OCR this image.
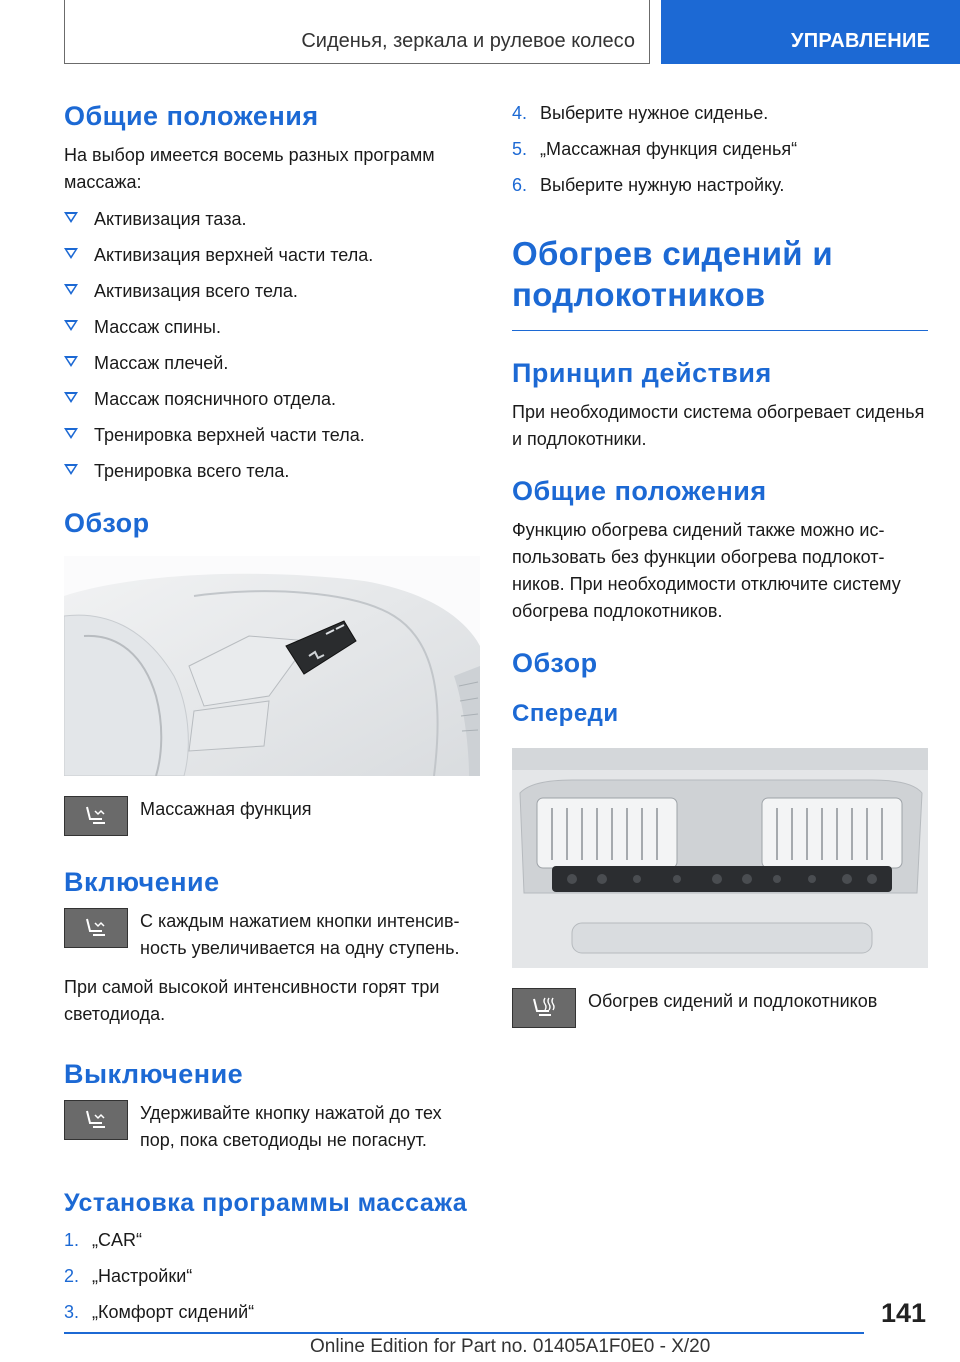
Сиденья, зеркала и рулевое колесо	УПРАВЛЕНИЕ
Общие положения

На выбор имеется восемь разных программ массажа:

Активизация таза.
Активизация верхней части тела.
Активизация всего тела.
Массаж спины.
Массаж плечей.
Массаж поясничного отдела.
Тренировка верхней части тела.
Тренировка всего тела.
Обзор
Массажная функция
Включение
С каждым нажатием кнопки интенсивность увеличивается на одну ступень.

При самой высокой интенсивности горят три светодиода.

Выключение
Удерживайте кнопку нажатой до тех пор, пока светодиоды не погаснут.
Установка программы массажа
1. „CAR“
2. „Настройки“
3. „Комфорт сидений“
4. Выберите нужное сиденье.
5. „Массажная функция сиденья“
6. Выберите нужную настройку.
Обогрев сидений и подлокотников
Принцип действия

При необходимости система обогревает сиденья и подлокотники.

Общие положения

Функцию обогрева сидений также можно использовать без функции обогрева подлокотников. При необходимости отключите систему обогрева подлокотников.

Обзор
Спереди
Обогрев сидений и подлокотников
141
Online Edition for Part no. 01405A1F0E0 - X/20
